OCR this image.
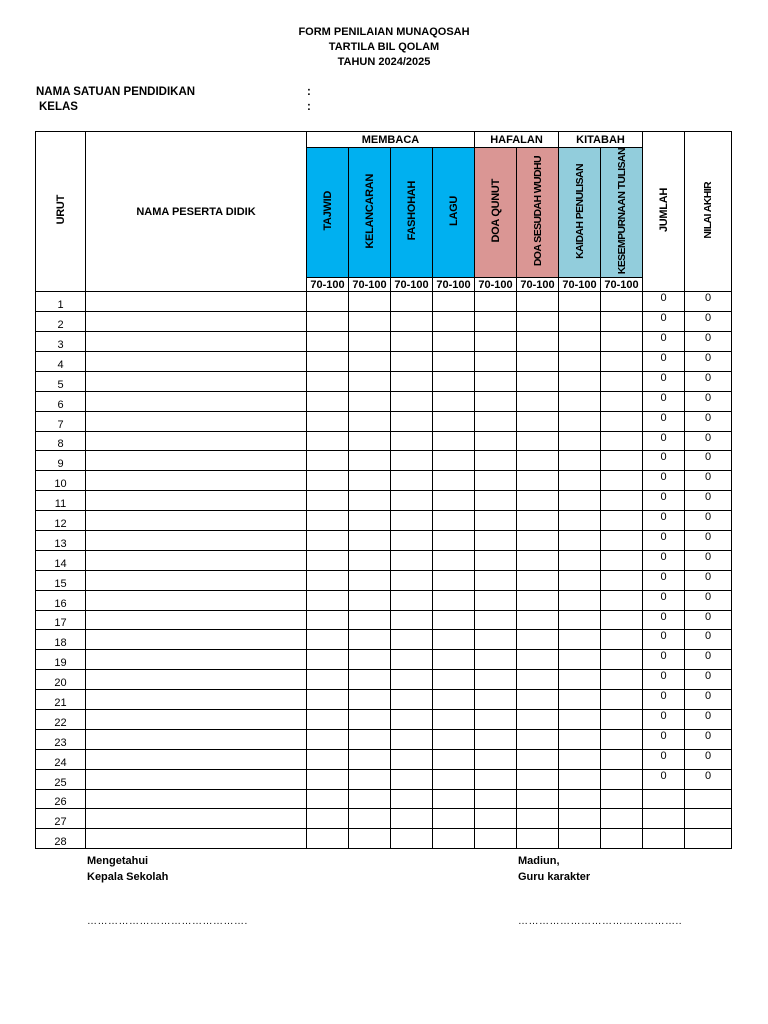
FORM PENILAIAN MUNAQOSAH
TARTILA BIL QOLAM
TAHUN 2024/2025
NAMA SATUAN PENDIDIKAN	:
KELAS	:
URUT	NAMA PESERTA DIDIK	MEMBACA				HAFALAN		KITABAH		JUMLAH	NILAI AKHIR
		TAJWID	KELANCARAN	FASHOHAH	LAGU	DOA QUNUT	DOA SESUDAH WUDHU	KAIDAH PENULISAN	KESEMPURNAAN TULISAN		
		70-100	70-100	70-100	70-100	70-100	70-100	70-100	70-100		
1										0	0
2										0	0
3										0	0
4										0	0
5										0	0
6										0	0
7										0	0
8										0	0
9										0	0
10										0	0
11										0	0
12										0	0
13										0	0
14										0	0
15										0	0
16										0	0
17										0	0
18										0	0
19										0	0
20										0	0
21										0	0
22										0	0
23										0	0
24										0	0
25										0	0
26											
27											
28											
Mengetahui
Kepala Sekolah
……………………………………….
Madiun,
Guru karakter
………………………………………..
